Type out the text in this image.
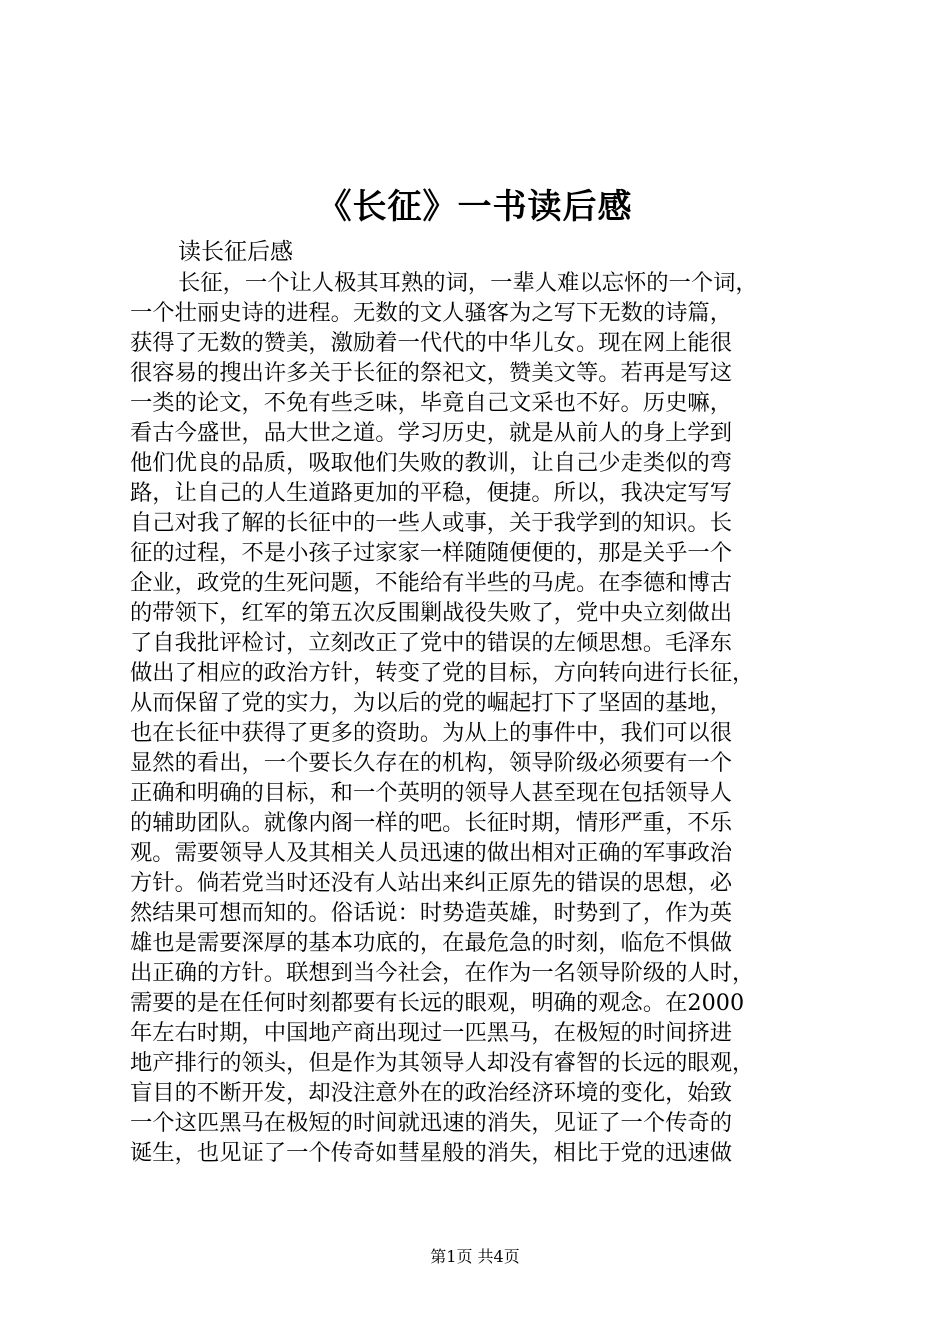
《长征》一书读后感
读长征后感
长征，一个让人极其耳熟的词，一辈人难以忘怀的一个词，
一个壮丽史诗的进程。无数的文人骚客为之写下无数的诗篇，
获得了无数的赞美，激励着一代代的中华儿女。现在网上能很
很容易的搜出许多关于长征的祭祀文，赞美文等。若再是写这
一类的论文，不免有些乏味，毕竟自己文采也不好。历史嘛，
看古今盛世，品大世之道。学习历史，就是从前人的身上学到
他们优良的品质，吸取他们失败的教训，让自己少走类似的弯
路，让自己的人生道路更加的平稳，便捷。所以，我决定写写
自己对我了解的长征中的一些人或事，关于我学到的知识。长
征的过程，不是小孩子过家家一样随随便便的，那是关乎一个
企业，政党的生死问题，不能给有半些的马虎。在李德和博古
的带领下，红军的第五次反围剿战役失败了，党中央立刻做出
了自我批评检讨，立刻改正了党中的错误的左倾思想。毛泽东
做出了相应的政治方针，转变了党的目标，方向转向进行长征，
从而保留了党的实力，为以后的党的崛起打下了坚固的基地，
也在长征中获得了更多的资助。为从上的事件中，我们可以很
显然的看出，一个要长久存在的机构，领导阶级必须要有一个
正确和明确的目标，和一个英明的领导人甚至现在包括领导人
的辅助团队。就像内阁一样的吧。长征时期，情形严重，不乐
观。需要领导人及其相关人员迅速的做出相对正确的军事政治
方针。倘若党当时还没有人站出来纠正原先的错误的思想，必
然结果可想而知的。俗话说：时势造英雄，时势到了，作为英
雄也是需要深厚的基本功底的，在最危急的时刻，临危不惧做
出正确的方针。联想到当今社会，在作为一名领导阶级的人时，
需要的是在任何时刻都要有长远的眼观，明确的观念。在2000
年左右时期，中国地产商出现过一匹黑马，在极短的时间挤进
地产排行的领头，但是作为其领导人却没有睿智的长远的眼观，
盲目的不断开发，却没注意外在的政治经济环境的变化，始致
一个这匹黑马在极短的时间就迅速的消失，见证了一个传奇的
诞生，也见证了一个传奇如彗星般的消失，相比于党的迅速做
第1页 共4页
